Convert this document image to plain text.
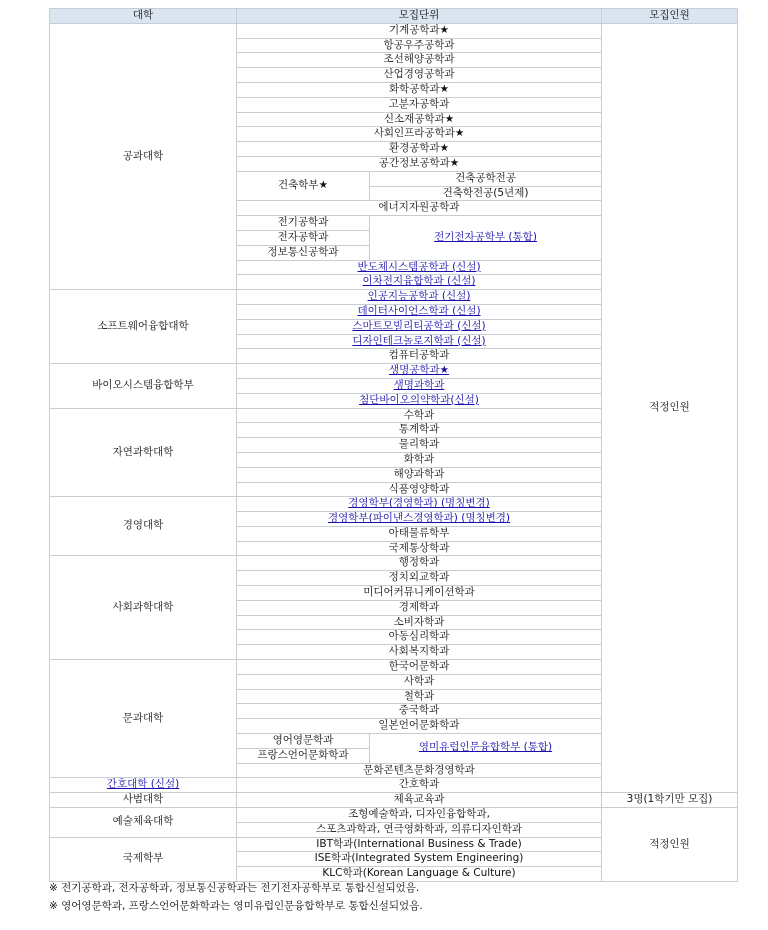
대학	모집단위		모집인원	
공과대학	기계공학과★		적정인원	
	항공우주공학과			
	조선해양공학과			
	산업경영공학과			
	화학공학과★			
	고분자공학과			
	신소재공학과★			
	사회인프라공학과★			
	환경공학과★			
	공간정보공학과★			
	건축학부★	건축공학전공		
		건축학전공(5년제)		
	에너지자원공학과			
	전기공학과	전기전자공학부 (통합)		
	전자공학과			
	정보통신공학과			
	반도체시스템공학과 (신설)			
	이차전지융합학과 (신설)			
소프트웨어융합대학	인공지능공학과 (신설)			
	데이터사이언스학과 (신설)			
	스마트모빌리티공학과 (신설)			
	디자인테크놀로지학과 (신설)			
	컴퓨터공학과			
바이오시스템융합학부	생명공학과★			
	생명과학과			
	첨단바이오의약학과(신설)			
자연과학대학	수학과			
	통계학과			
	물리학과			
	화학과			
	해양과학과			
	식품영양학과			
경영대학	경영학부(경영학과) (명칭변경)			
	경영학부(파이낸스경영학과) (명칭변경)			
	아태물류학부			
	국제통상학과			
사회과학대학	행정학과			
	정치외교학과			
	미디어커뮤니케이션학과			
	경제학과			
	소비자학과			
	아동심리학과			
	사회복지학과			
문과대학	한국어문학과			
	사학과			
	철학과			
	중국학과			
	일본언어문화학과			
	영어영문학과	영미유럽인문융합학부 (통합)		
	프랑스언어문화학과			
	문화콘텐츠문화경영학과			
간호대학 (신설)	간호학과	
사범대학	체육교육과		3명(1학기만 모집)	
예술체육대학	조형예술학과, 디자인융합학과,		적정인원	
	스포츠과학과, 연극영화학과, 의류디자인학과			
국제학부	IBT학과(International Business & Trade)			
	ISE학과(Integrated System Engineering)			
	KLC학과(Korean Language & Culture)			
※ 전기공학과, 전자공학과, 정보통신공학과는 전기전자공학부로 통합신설되었음.
※ 영어영문학과, 프랑스언어문화학과는 영미유럽인문융합학부로 통합신설되었음.
